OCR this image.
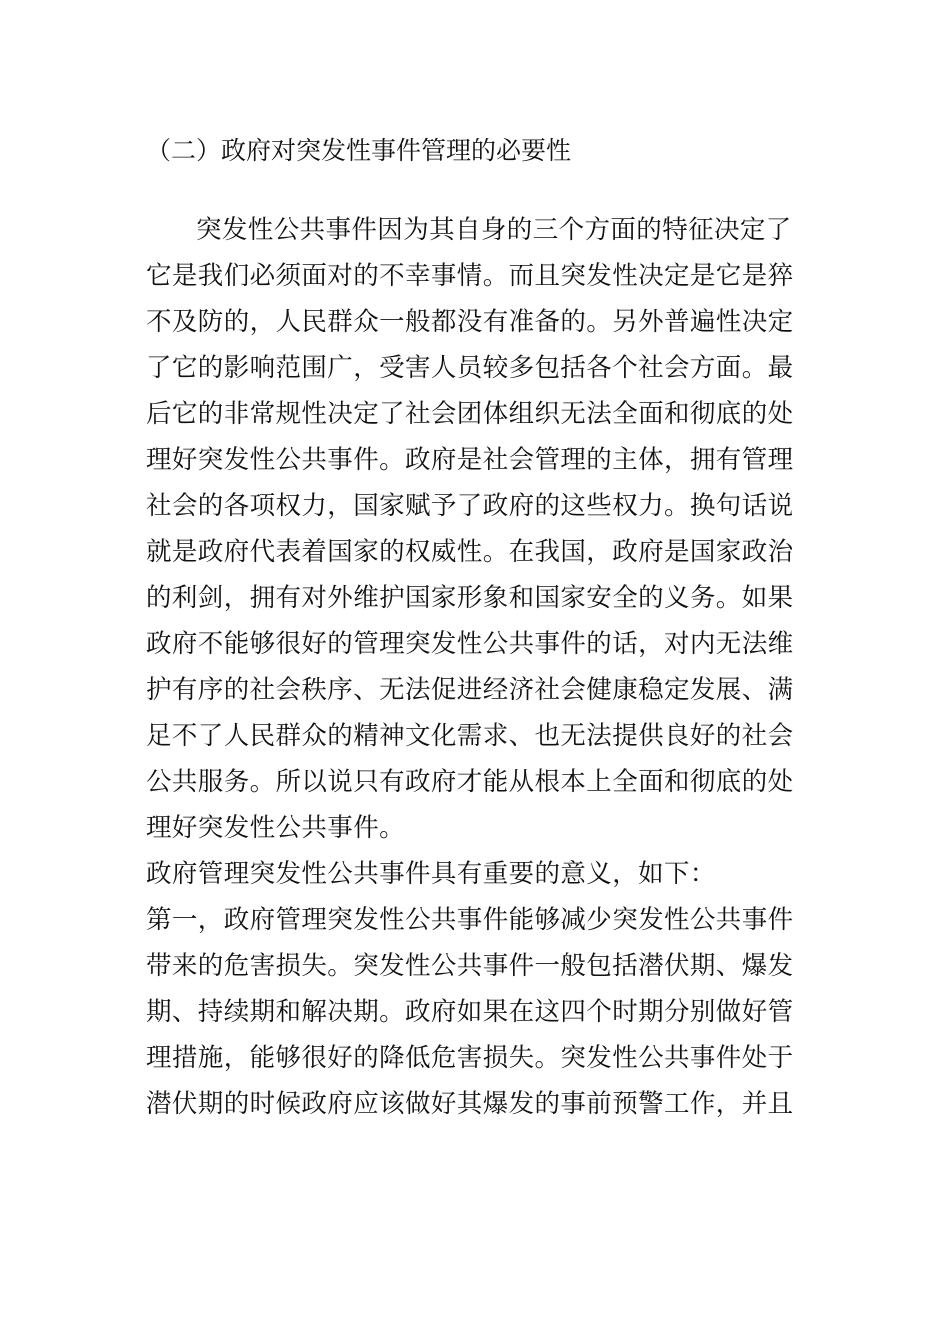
（二）政府对突发性事件管理的必要性
突发性公共事件因为其自身的三个方面的特征决定了
它是我们必须面对的不幸事情。而且突发性决定是它是猝
不及防的，人民群众一般都没有准备的。另外普遍性决定
了它的影响范围广，受害人员较多包括各个社会方面。最
后它的非常规性决定了社会团体组织无法全面和彻底的处
理好突发性公共事件。政府是社会管理的主体，拥有管理
社会的各项权力，国家赋予了政府的这些权力。换句话说
就是政府代表着国家的权威性。在我国，政府是国家政治
的利剑，拥有对外维护国家形象和国家安全的义务。如果
政府不能够很好的管理突发性公共事件的话，对内无法维
护有序的社会秩序、无法促进经济社会健康稳定发展、满
足不了人民群众的精神文化需求、也无法提供良好的社会
公共服务。所以说只有政府才能从根本上全面和彻底的处
理好突发性公共事件。
政府管理突发性公共事件具有重要的意义，如下：
第一，政府管理突发性公共事件能够减少突发性公共事件
带来的危害损失。突发性公共事件一般包括潜伏期、爆发
期、持续期和解决期。政府如果在这四个时期分别做好管
理措施，能够很好的降低危害损失。突发性公共事件处于
潜伏期的时候政府应该做好其爆发的事前预警工作，并且
